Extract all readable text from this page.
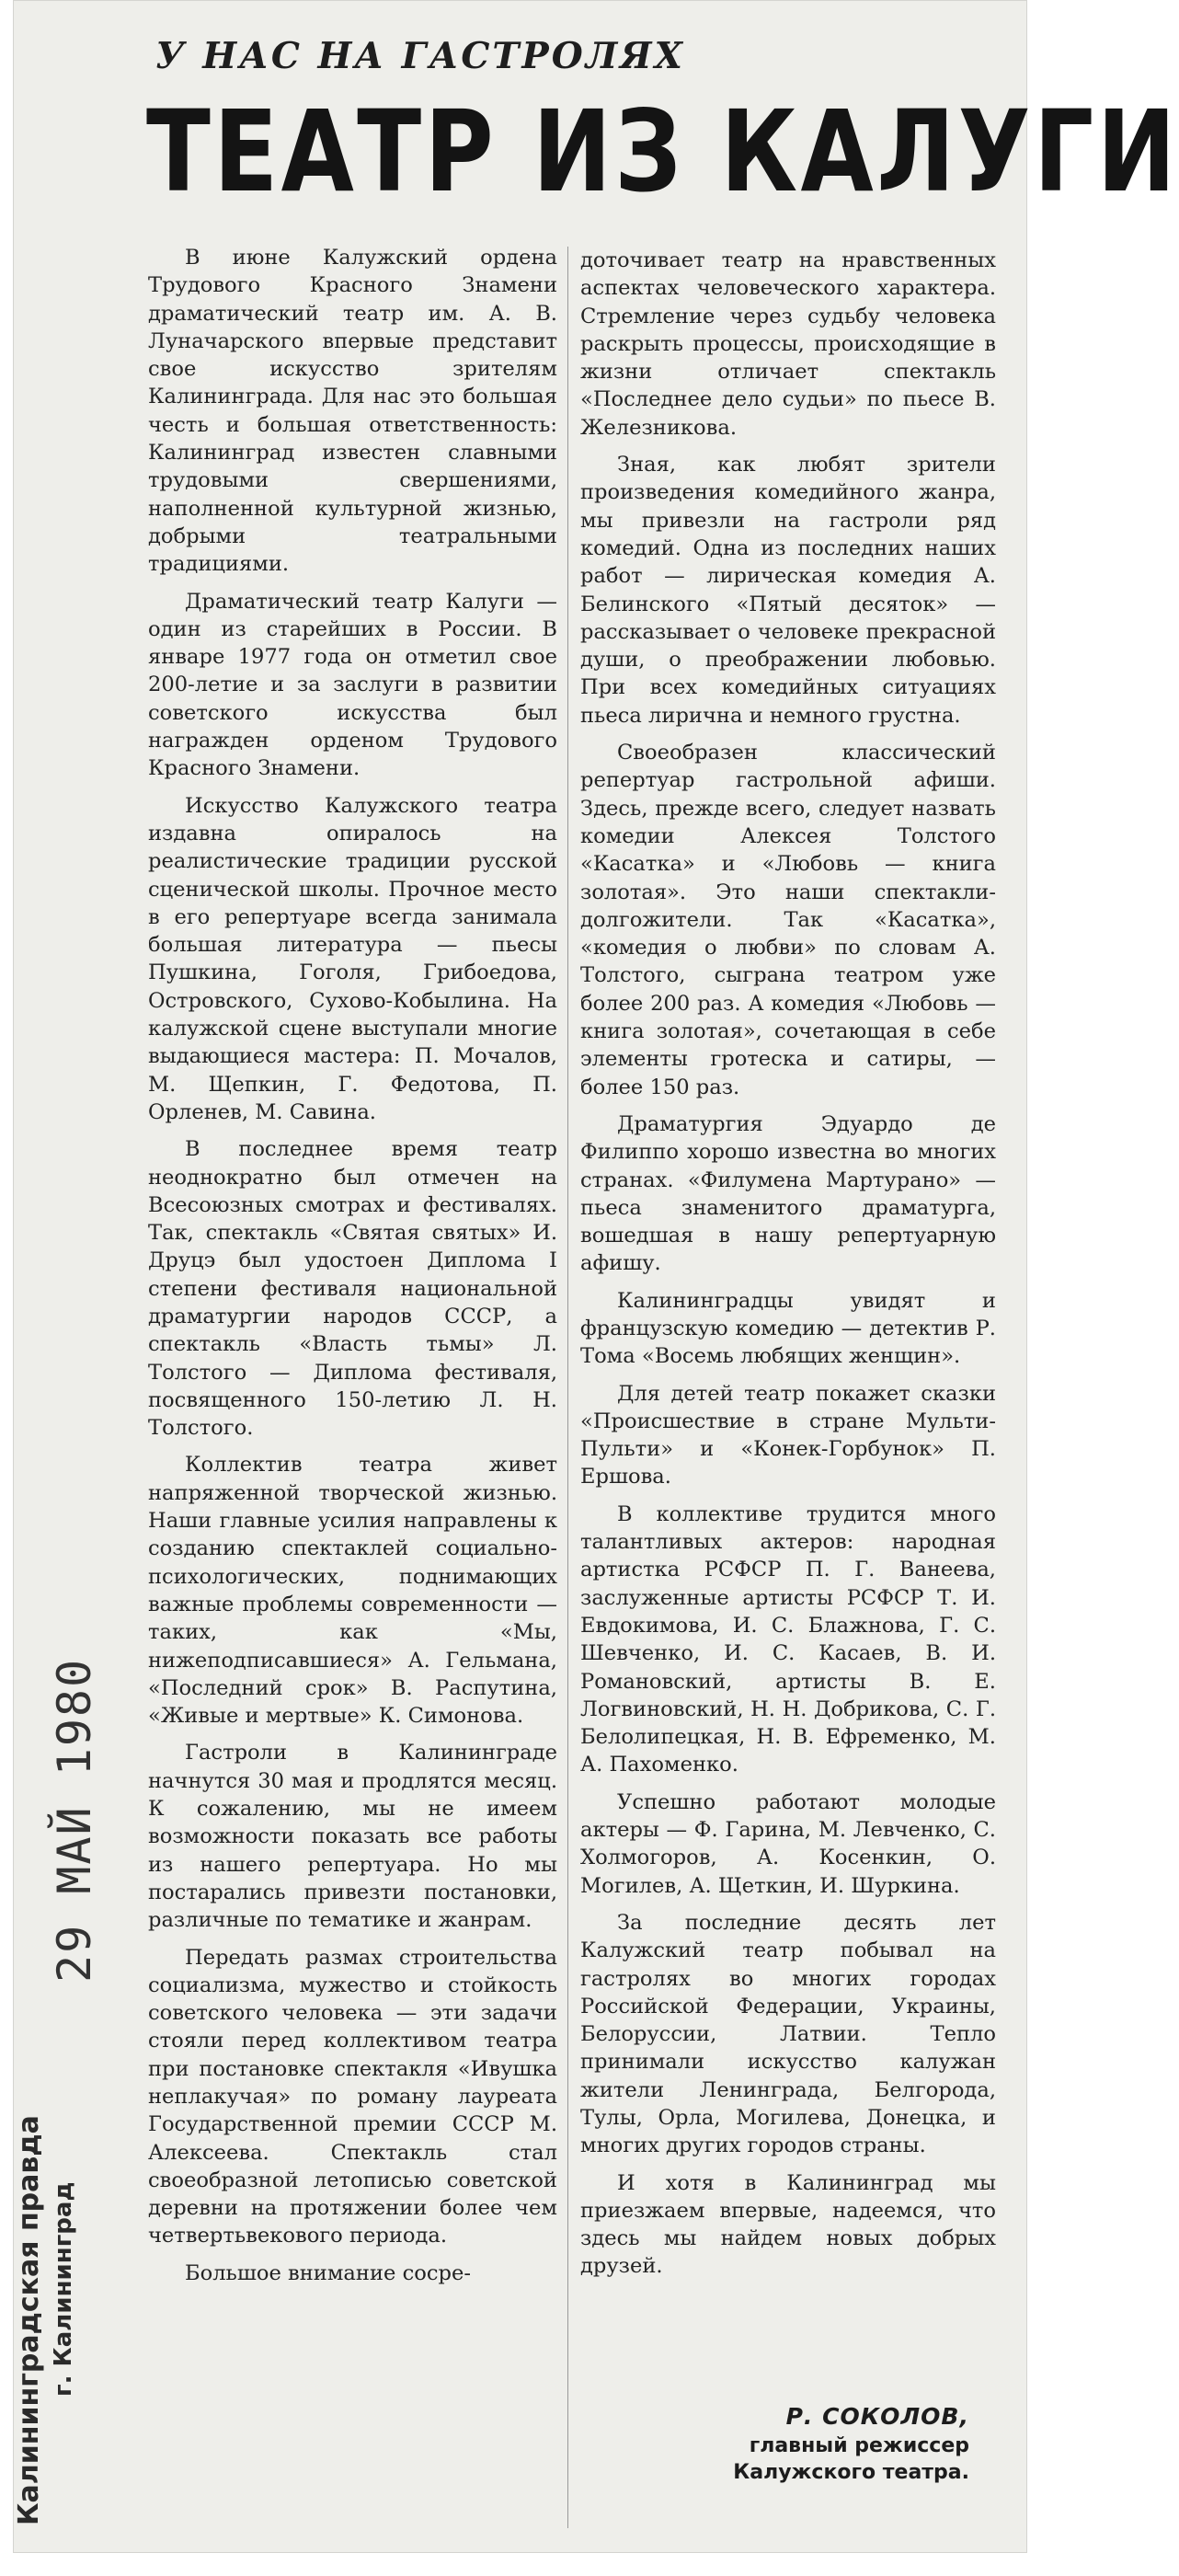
У НАС НА ГАСТРОЛЯХ
ТЕАТР ИЗ КАЛУГИ

В июне Калужский ордена Трудового Красного Знамени драматический театр им. А. В. Луначарского впервые представит свое искусство зрителям Калининграда. Для нас это большая честь и большая ответственность: Калининград известен славными трудовыми свершениями, наполненной культурной жизнью, добрыми театральными традициями.

Драматический театр Калуги — один из старейших в России. В январе 1977 года он отметил свое 200-летие и за заслуги в развитии советского искусства был награжден орденом Трудового Красного Знамени.

Искусство Калужского театра издавна опиралось на реалистические традиции русской сценической школы. Прочное место в его репертуаре всегда занимала большая литература — пьесы Пушкина, Гоголя, Грибоедова, Островского, Сухово-Кобылина. На калужской сцене выступали многие выдающиеся мастера: П. Мочалов, М. Щепкин, Г. Федотова, П. Орленев, М. Савина.

В последнее время театр неоднократно был отмечен на Всесоюзных смотрах и фестивалях. Так, спектакль «Святая святых» И. Друцэ был удостоен Диплома I степени фестиваля национальной драматургии народов СССР, а спектакль «Власть тьмы» Л. Толстого — Диплома фестиваля, посвященного 150-летию Л. Н. Толстого.

Коллектив театра живет напряженной творческой жизнью. Наши главные усилия направлены к созданию спектаклей социально-психологических, поднимающих важные проблемы современности — таких, как «Мы, нижеподписавшиеся» А. Гельмана, «Последний срок» В. Распутина, «Живые и мертвые» К. Симонова.

Гастроли в Калининграде начнутся 30 мая и продлятся месяц. К сожалению, мы не имеем возможности показать все работы из нашего репертуара. Но мы постарались привезти постановки, различные по тематике и жанрам.

Передать размах строительства социализма, мужество и стойкость советского человека — эти задачи стояли перед коллективом театра при постановке спектакля «Ивушка неплакучая» по роману лауреата Государственной премии СССР М. Алексеева. Спектакль стал своеобразной летописью советской деревни на протяжении более чем четвертьвекового периода.

Большое внимание сосре-

доточивает театр на нравственных аспектах человеческого характера. Стремление через судьбу человека раскрыть процессы, происходящие в жизни отличает спектакль «Последнее дело судьи» по пьесе В. Железникова.

Зная, как любят зрители произведения комедийного жанра, мы привезли на гастроли ряд комедий. Одна из последних наших работ — лирическая комедия А. Белинского «Пятый десяток» — рассказывает о человеке прекрасной души, о преображении любовью. При всех комедийных ситуациях пьеса лирична и немного грустна.

Своеобразен классический репертуар гастрольной афиши. Здесь, прежде всего, следует назвать комедии Алексея Толстого «Касатка» и «Любовь — книга золотая». Это наши спектакли-долгожители. Так «Касатка», «комедия о любви» по словам А. Толстого, сыграна театром уже более 200 раз. А комедия «Любовь — книга золотая», сочетающая в себе элементы гротеска и сатиры, — более 150 раз.

Драматургия Эдуардо де Филиппо хорошо известна во многих странах. «Филумена Мартурано» — пьеса знаменитого драматурга, вошедшая в нашу репертуарную афишу.

Калининградцы увидят и французскую комедию — детектив Р. Тома «Восемь любящих женщин».

Для детей театр покажет сказки «Происшествие в стране Мульти-Пульти» и «Конек-Горбунок» П. Ершова.

В коллективе трудится много талантливых актеров: народная артистка РСФСР П. Г. Ванеева, заслуженные артисты РСФСР Т. И. Евдокимова, И. С. Блажнова, Г. С. Шевченко, И. С. Касаев, В. И. Романовский, артисты В. Е. Логвиновский, Н. Н. Добрикова, С. Г. Белолипецкая, Н. В. Ефременко, М. А. Пахоменко.

Успешно работают молодые актеры — Ф. Гарина, М. Левченко, С. Холмогоров, А. Косенкин, О. Могилев, А. Щеткин, И. Шуркина.

За последние десять лет Калужский театр побывал на гастролях во многих городах Российской Федерации, Украины, Белоруссии, Латвии. Тепло принимали искусство калужан жители Ленинграда, Белгорода, Тулы, Орла, Могилева, Донецка, и многих других городов страны.

И хотя в Калининград мы приезжаем впервые, надеемся, что здесь мы найдем новых добрых друзей.

Р. СОКОЛОВ,
главный режиссер
Калужского театра.
Калининградская правда г. Калининград
29 МАЙ 1980
